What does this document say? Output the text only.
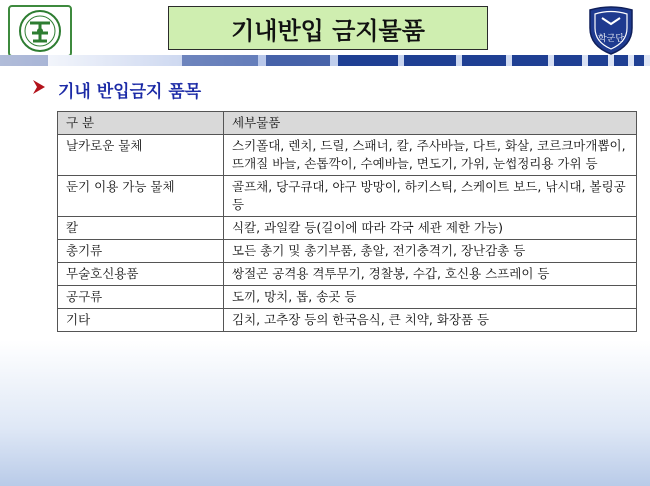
기내반입 금지물품	학군단
기내 반입금지 품목
구 분	세부물품

날카로운 물체	스키폴대, 렌치, 드릴, 스패너, 칼, 주사바늘, 다트, 화살, 코르크마개뽑이, 뜨개질 바늘, 손톱깍이, 수예바늘, 면도기, 가위, 눈썹정리용 가위 등

둔기 이용 가능 물체	골프채, 당구큐대, 야구 방망이, 하키스틱, 스케이트 보드, 낚시대, 볼링공 등

칼	식칼, 과일칼 등(길이에 따라 각국 세관 제한 가능)

총기류	모든 총기 및 총기부품, 총알, 전기충격기, 장난감총 등

무술호신용품	쌍절곤 공격용 격투무기, 경찰봉, 수갑, 호신용 스프레이 등

공구류	도끼, 망치, 톱, 송곳 등

기타	김치, 고추장 등의 한국음식, 큰 치약, 화장품 등
